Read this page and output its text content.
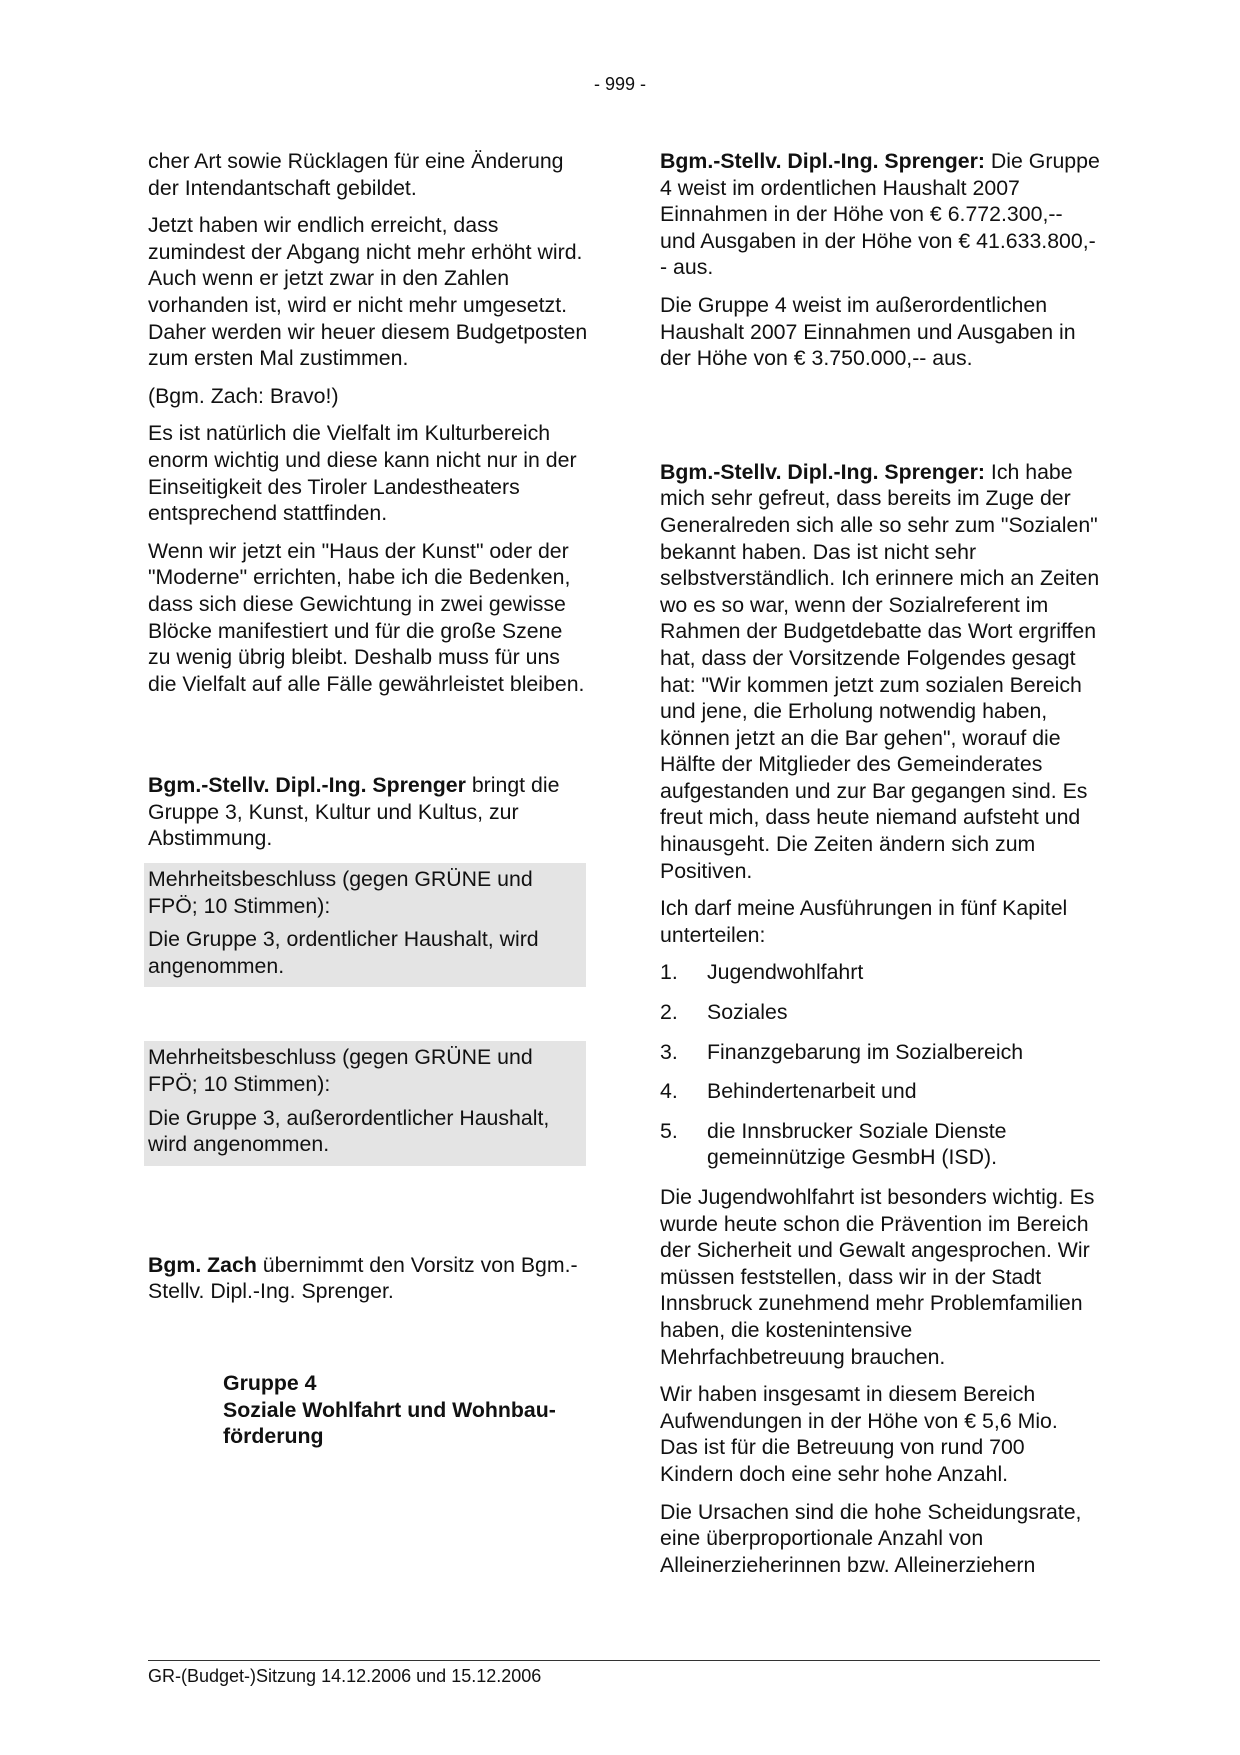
- 999 -

cher Art sowie Rücklagen für eine Änderung der Intendantschaft gebildet.

Jetzt haben wir endlich erreicht, dass zumindest der Abgang nicht mehr erhöht wird. Auch wenn er jetzt zwar in den Zahlen vorhanden ist, wird er nicht mehr umgesetzt. Daher werden wir heuer diesem Budgetposten zum ersten Mal zustimmen.

(Bgm. Zach: Bravo!)

Es ist natürlich die Vielfalt im Kulturbereich enorm wichtig und diese kann nicht nur in der Einseitigkeit des Tiroler Landestheaters entsprechend stattfinden.

Wenn wir jetzt ein "Haus der Kunst" oder der "Moderne" errichten, habe ich die Bedenken, dass sich diese Gewichtung in zwei gewisse Blöcke manifestiert und für die große Szene zu wenig übrig bleibt. Deshalb muss für uns die Vielfalt auf alle Fälle gewährleistet bleiben.

Bgm.-Stellv. Dipl.-Ing. Sprenger bringt die Gruppe 3, Kunst, Kultur und Kultus, zur Abstimmung.

Mehrheitsbeschluss (gegen GRÜNE und FPÖ; 10 Stimmen):

Die Gruppe 3, ordentlicher Haushalt, wird angenommen.

Mehrheitsbeschluss (gegen GRÜNE und FPÖ; 10 Stimmen):

Die Gruppe 3, außerordentlicher Haushalt, wird angenommen.

Bgm. Zach übernimmt den Vorsitz von Bgm.-Stellv. Dipl.-Ing. Sprenger.

Gruppe 4
Soziale Wohlfahrt und Wohnbau-
förderung

Bgm.-Stellv. Dipl.-Ing. Sprenger: Die Gruppe 4 weist im ordentlichen Haushalt 2007 Einnahmen in der Höhe von € 6.772.300,-- und Ausgaben in der Höhe von € 41.633.800,-- aus.

Die Gruppe 4 weist im außerordentlichen Haushalt 2007 Einnahmen und Ausgaben in der Höhe von € 3.750.000,-- aus.

Bgm.-Stellv. Dipl.-Ing. Sprenger: Ich habe mich sehr gefreut, dass bereits im Zuge der Generalreden sich alle so sehr zum "Sozialen" bekannt haben. Das ist nicht sehr selbstverständlich. Ich erinnere mich an Zeiten wo es so war, wenn der Sozialreferent im Rahmen der Budgetdebatte das Wort ergriffen hat, dass der Vorsitzende Folgendes gesagt hat: "Wir kommen jetzt zum sozialen Bereich und jene, die Erholung notwendig haben, können jetzt an die Bar gehen", worauf die Hälfte der Mitglieder des Gemeinderates aufgestanden und zur Bar gegangen sind. Es freut mich, dass heute niemand aufsteht und hinausgeht. Die Zeiten ändern sich zum Positiven.

Ich darf meine Ausführungen in fünf Kapitel unterteilen:

1.	Jugendwohlfahrt
2.	Soziales
3.	Finanzgebarung im Sozialbereich
4.	Behindertenarbeit und
5.	die Innsbrucker Soziale Dienste gemeinnützige GesmbH (ISD).

Die Jugendwohlfahrt ist besonders wichtig. Es wurde heute schon die Prävention im Bereich der Sicherheit und Gewalt angesprochen. Wir müssen feststellen, dass wir in der Stadt Innsbruck zunehmend mehr Problemfamilien haben, die kostenintensive Mehrfachbetreuung brauchen.

Wir haben insgesamt in diesem Bereich Aufwendungen in der Höhe von € 5,6 Mio. Das ist für die Betreuung von rund 700 Kindern doch eine sehr hohe Anzahl.

Die Ursachen sind die hohe Scheidungsrate, eine überproportionale Anzahl von Alleinerzieherinnen bzw. Alleinerziehern

GR-(Budget-)Sitzung 14.12.2006 und 15.12.2006
